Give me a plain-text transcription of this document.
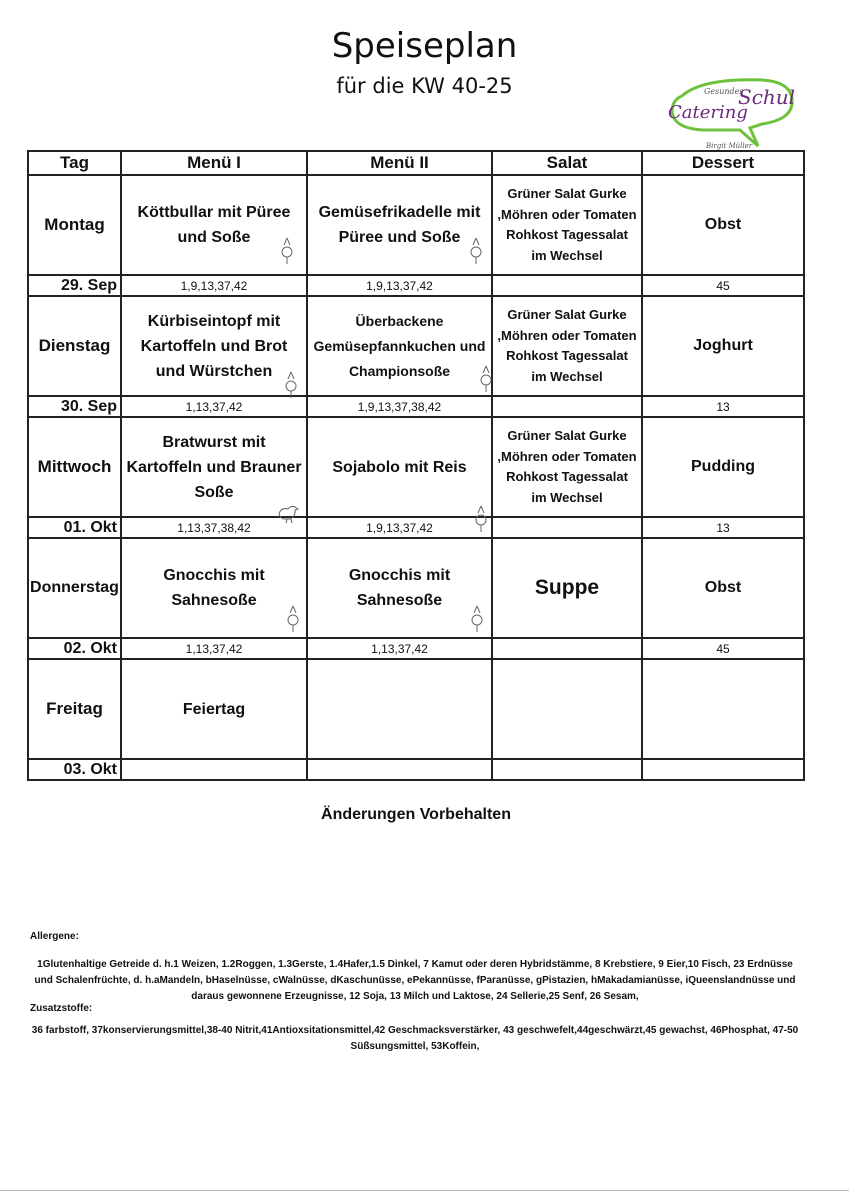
Speiseplan
für die KW 40-25	Gesundes
Schul
Catering
Birgit Müller
Tag	Menü I	Menü II	Salat	Dessert
Montag	Köttbullar mit Püree und Soße	Gemüsefrikadelle mit Püree und Soße	Grüner Salat Gurke ,Möhren oder Tomaten Rohkost Tagessalat im Wechsel	Obst
29. Sep	1,9,13,37,42	1,9,13,37,42		45
Dienstag	Kürbiseintopf mit Kartoffeln und Brot und Würstchen	Überbackene Gemüsepfannkuchen und Championsoße	Grüner Salat Gurke ,Möhren oder Tomaten Rohkost Tagessalat im Wechsel	Joghurt
30. Sep	1,13,37,42	1,9,13,37,38,42		13
Mittwoch	Bratwurst mit Kartoffeln und Brauner Soße	Sojabolo mit Reis	Grüner Salat Gurke ,Möhren oder Tomaten Rohkost Tagessalat im Wechsel	Pudding
01. Okt	1,13,37,38,42	1,9,13,37,42		13
Donnerstag	Gnocchis mit Sahnesoße	Gnocchis mit Sahnesoße	Suppe	Obst
02. Okt	1,13,37,42	1,13,37,42		45
Freitag	Feiertag			
03. Okt				
Änderungen Vorbehalten
Allergene:
1Glutenhaltige Getreide d. h.1 Weizen, 1.2Roggen, 1.3Gerste, 1.4Hafer,1.5 Dinkel, 7 Kamut oder deren Hybridstämme, 8 Krebstiere, 9 Eier,10 Fisch, 23 Erdnüsse und Schalenfrüchte, d. h.aMandeln, bHaselnüsse, cWalnüsse, dKaschunüsse, ePekannüsse, fParanüsse, gPistazien, hMakadamianüsse, iQueenslandnüsse und daraus gewonnene Erzeugnisse, 12 Soja, 13 Milch und Laktose, 24 Sellerie,25 Senf, 26 Sesam,
Zusatzstoffe:
36 farbstoff, 37konservierungsmittel,38-40 Nitrit,41Antioxsitationsmittel,42 Geschmacksverstärker, 43 geschwefelt,44geschwärzt,45 gewachst, 46Phosphat, 47-50 Süßsungsmittel, 53Koffein,
